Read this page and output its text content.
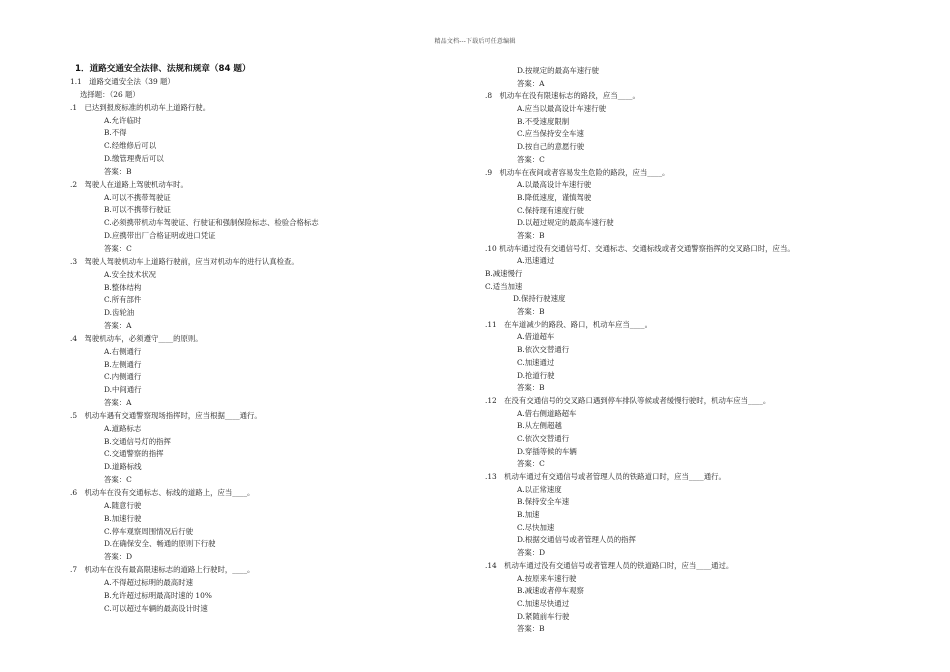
精品文档---下载后可任意编辑
1．道路交通安全法律、法规和规章（84 题）
1.1　道路交通安全法（39 题）
选择题：（26 题）
.1　已达到报废标准的机动车上道路行驶。
A.允许临时
B.不得
C.经维修后可以
D.缴管理费后可以
答案：B
.2　驾驶人在道路上驾驶机动车时。
A.可以不携带驾驶证
B.可以不携带行驶证
C.必须携带机动车驾驶证、行驶证和强制保险标志、检验合格标志
D.应携带出厂合格证明或进口凭证
答案：C
.3　驾驶人驾驶机动车上道路行驶前，应当对机动车的进行认真检查。
A.安全技术状况
B.整体结构
C.所有部件
D.齿轮油
答案：A
.4　驾驶机动车，必须遵守____的原则。
A.右侧通行
B.左侧通行
C.内侧通行
D.中间通行
答案：A
.5　机动车遇有交通警察现场指挥时，应当根据____通行。
A.道路标志
B.交通信号灯的指挥
C.交通警察的指挥
D.道路标线
答案：C
.6　机动车在没有交通标志、标线的道路上，应当____。
A.随意行驶
B.加速行驶
C.停车观察周围情况后行驶
D.在确保安全、畅通的原则下行驶
答案：D
.7　机动车在没有最高限速标志的道路上行驶时，____。
A.不得超过标明的最高时速
B.允许超过标明最高时速的 10%
C.可以超过车辆的最高设计时速
D.按规定的最高车速行驶
答案：A
.8　机动车在没有限速标志的路段，应当____。
A.应当以最高设计车速行驶
B.不受速度限制
C.应当保持安全车速
D.按自己的意愿行驶
答案：C
.9　机动车在夜间或者容易发生危险的路段，应当____。
A.以最高设计车速行驶
B.降低速度，谨慎驾驶
C.保持现有速度行驶
D.以超过规定的最高车速行驶
答案：B
.10 机动车通过没有交通信号灯、交通标志、交通标线或者交通警察指挥的交叉路口时，应当。
A.迅速通过
B.减速慢行
C.适当加速
D.保持行驶速度
答案：B
.11　在车道减少的路段、路口，机动车应当____。
A.借道超车
B.依次交替通行
C.加速通过
D.抢道行驶
答案：B
.12　在没有交通信号的交叉路口遇到停车排队等候或者缓慢行驶时，机动车应当____。
A.借右侧道路超车
B.从左侧超越
C.依次交替通行
D.穿插等候的车辆
答案：C
.13　机动车通过有交通信号或者管理人员的铁路道口时，应当____通行。
A.以正常速度
B.保持安全车速
B.加速
C.尽快加速
D.根据交通信号或者管理人员的指挥
答案：D
.14　机动车通过没有交通信号或者管理人员的铁道路口时，应当____通过。
A.按原来车速行驶
B.减速或者停车观察
C.加速尽快通过
D.紧随前车行驶
答案：B
